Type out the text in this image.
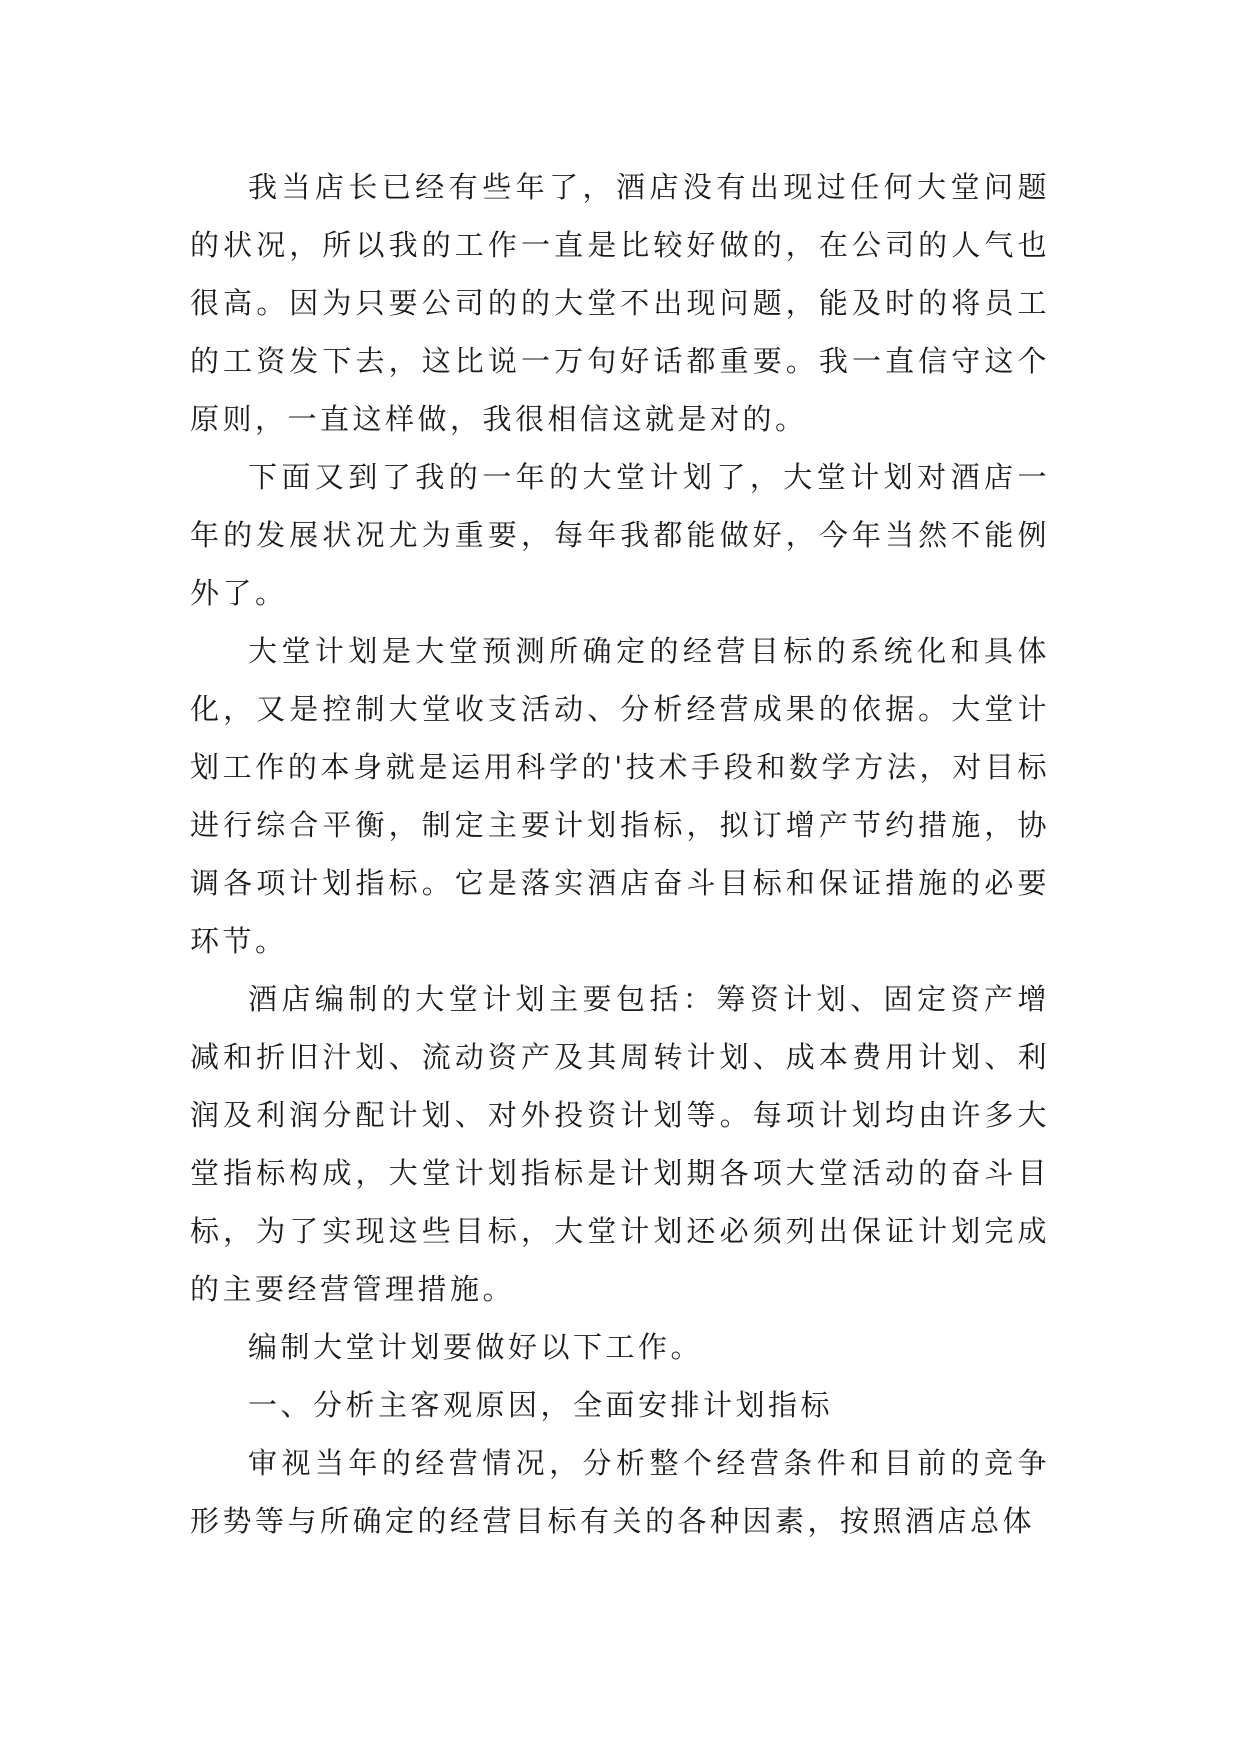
我当店长已经有些年了，酒店没有出现过任何大堂问题的状况，所以我的工作一直是比较好做的，在公司的人气也很高。因为只要公司的的大堂不出现问题，能及时的将员工的工资发下去，这比说一万句好话都重要。我一直信守这个原则，一直这样做，我很相信这就是对的。

下面又到了我的一年的大堂计划了，大堂计划对酒店一年的发展状况尤为重要，每年我都能做好，今年当然不能例外了。

大堂计划是大堂预测所确定的经营目标的系统化和具体化，又是控制大堂收支活动、分析经营成果的依据。大堂计划工作的本身就是运用科学的'技术手段和数学方法，对目标进行综合平衡，制定主要计划指标，拟订增产节约措施，协调各项计划指标。它是落实酒店奋斗目标和保证措施的必要环节。

酒店编制的大堂计划主要包括：筹资计划、固定资产增减和折旧汁划、流动资产及其周转计划、成本费用计划、利润及利润分配计划、对外投资计划等。每项计划均由许多大堂指标构成，大堂计划指标是计划期各项大堂活动的奋斗目标，为了实现这些目标，大堂计划还必须列出保证计划完成的主要经营管理措施。

编制大堂计划要做好以下工作。

一、分析主客观原因，全面安排计划指标

审视当年的经营情况，分析整个经营条件和目前的竞争形势等与所确定的经营目标有关的各种因素，按照酒店总体
